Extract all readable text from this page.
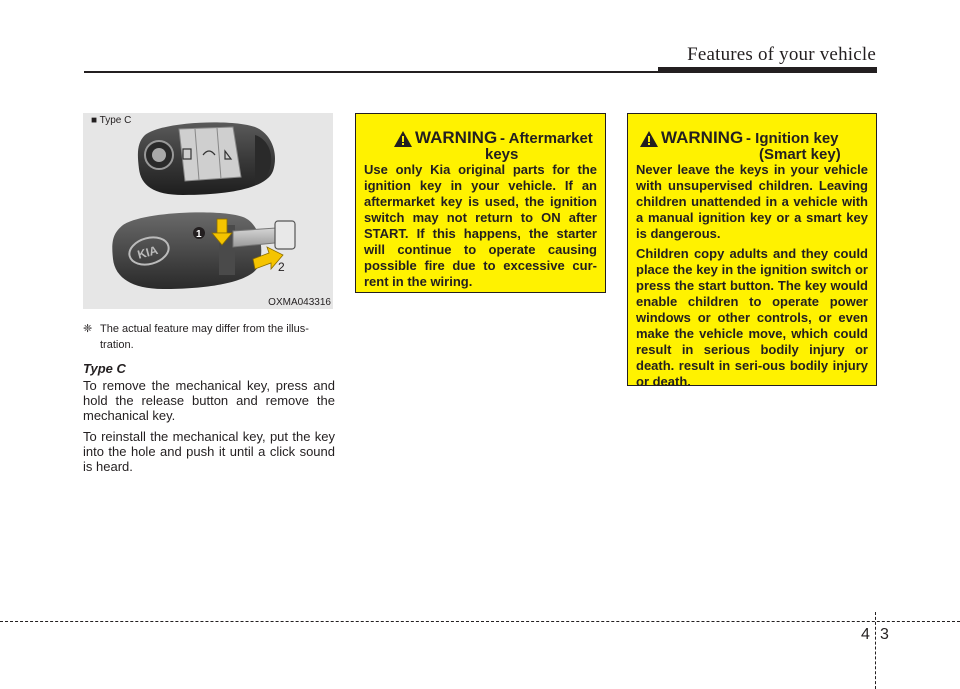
Features of your vehicle
KIA
1
2
■ Type C
OXMA043316
❈ The actual feature may differ from the illus-tration.
Type C
To remove the mechanical key, press and hold the release button and remove the mechanical key.
To reinstall the mechanical key, put the key into the hole and push it until a click sound is heard.
WARNING - Aftermarket
keys

Use only Kia original parts for the ignition key in your vehicle. If an aftermarket key is used, the ignition switch may not return to ON after START. If this happens, the starter will continue to operate causing possible fire due to excessive cur-rent in the wiring.

WARNING - Ignition key
(Smart key)

Never leave the keys in your vehicle with unsupervised children. Leaving children unattended in a vehicle with a manual ignition key or a smart key is dangerous.

Children copy adults and they could place the key in the ignition switch or press the start button. The key would enable children to operate power windows or other controls, or even make the vehicle move, which could result in serious bodily injury or death. result in seri-ous bodily injury or death.

4 3
